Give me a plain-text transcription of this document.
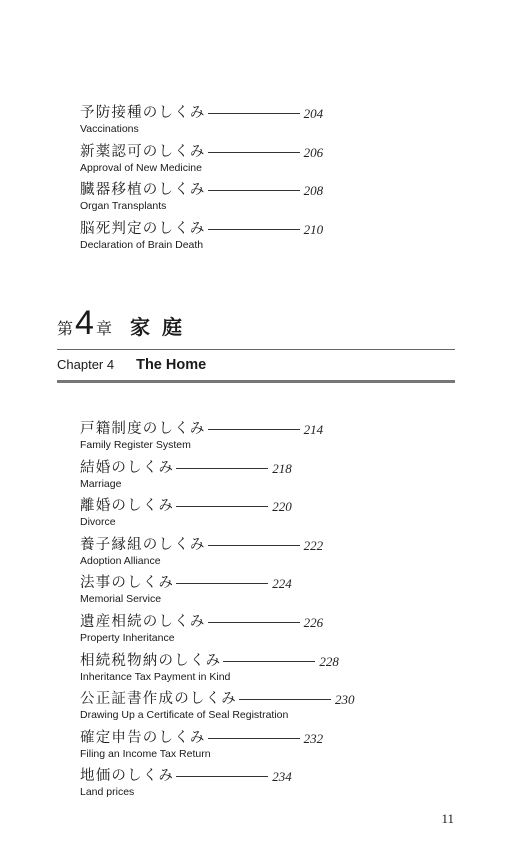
予防接種のしくみ	204
Vaccinations
新薬認可のしくみ	206
Approval of New Medicine
臓器移植のしくみ	208
Organ Transplants
脳死判定のしくみ	210
Declaration of Brain Death
第 4 章 家庭
Chapter 4 The Home
戸籍制度のしくみ	214
Family Register System
結婚のしくみ	218
Marriage
離婚のしくみ	220
Divorce
養子縁組のしくみ	222
Adoption Alliance
法事のしくみ	224
Memorial Service
遺産相続のしくみ	226
Property Inheritance
相続税物納のしくみ	228
Inheritance Tax Payment in Kind
公正証書作成のしくみ	230
Drawing Up a Certificate of Seal Registration
確定申告のしくみ	232
Filing an Income Tax Return
地価のしくみ	234
Land prices
11
